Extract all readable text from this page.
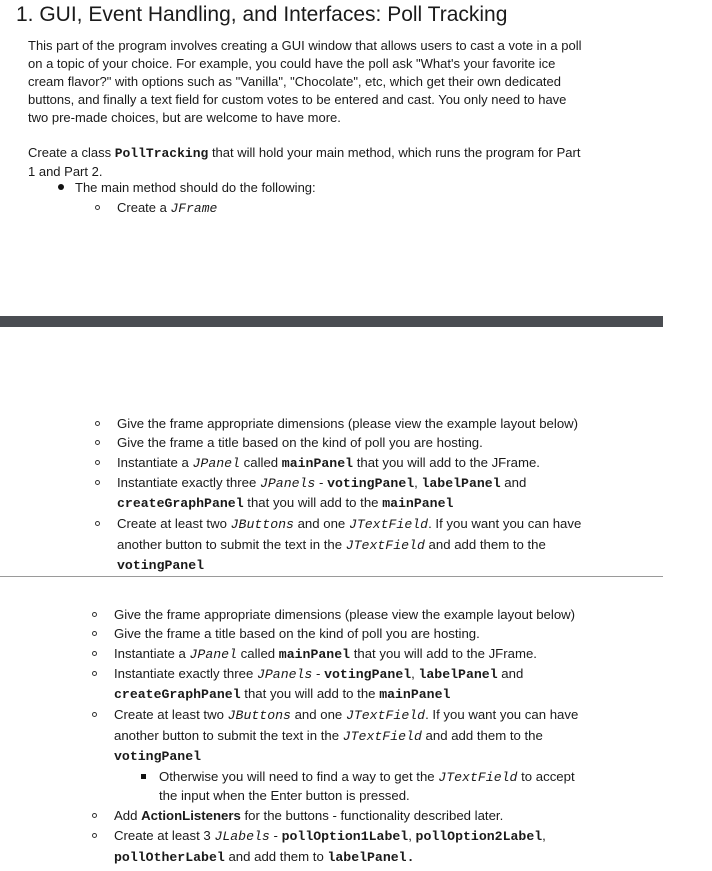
1. GUI, Event Handling, and Interfaces: Poll Tracking
This part of the program involves creating a GUI window that allows users to cast a vote in a poll
on a topic of your choice. For example, you could have the poll ask "What's your favorite ice
cream flavor?" with options such as "Vanilla", "Chocolate", etc, which get their own dedicated
buttons, and finally a text field for custom votes to be entered and cast. You only need to have
two pre-made choices, but are welcome to have more.
Create a class PollTracking that will hold your main method, which runs the program for Part
1 and Part 2.
The main method should do the following:
Create a JFrame
Give the frame appropriate dimensions (please view the example layout below)
Give the frame a title based on the kind of poll you are hosting.
Instantiate a JPanel called mainPanel that you will add to the JFrame.
Instantiate exactly three JPanels - votingPanel, labelPanel and
createGraphPanel that you will add to the mainPanel
Create at least two JButtons and one JTextField. If you want you can have
another button to submit the text in the JTextField and add them to the
votingPanel
Give the frame appropriate dimensions (please view the example layout below)
Give the frame a title based on the kind of poll you are hosting.
Instantiate a JPanel called mainPanel that you will add to the JFrame.
Instantiate exactly three JPanels - votingPanel, labelPanel and
createGraphPanel that you will add to the mainPanel
Create at least two JButtons and one JTextField. If you want you can have
another button to submit the text in the JTextField and add them to the
votingPanel
Otherwise you will need to find a way to get the JTextField to accept
the input when the Enter button is pressed.
Add ActionListeners for the buttons - functionality described later.
Create at least 3 JLabels - pollOption1Label, pollOption2Label,
pollOtherLabel and add them to labelPanel.
